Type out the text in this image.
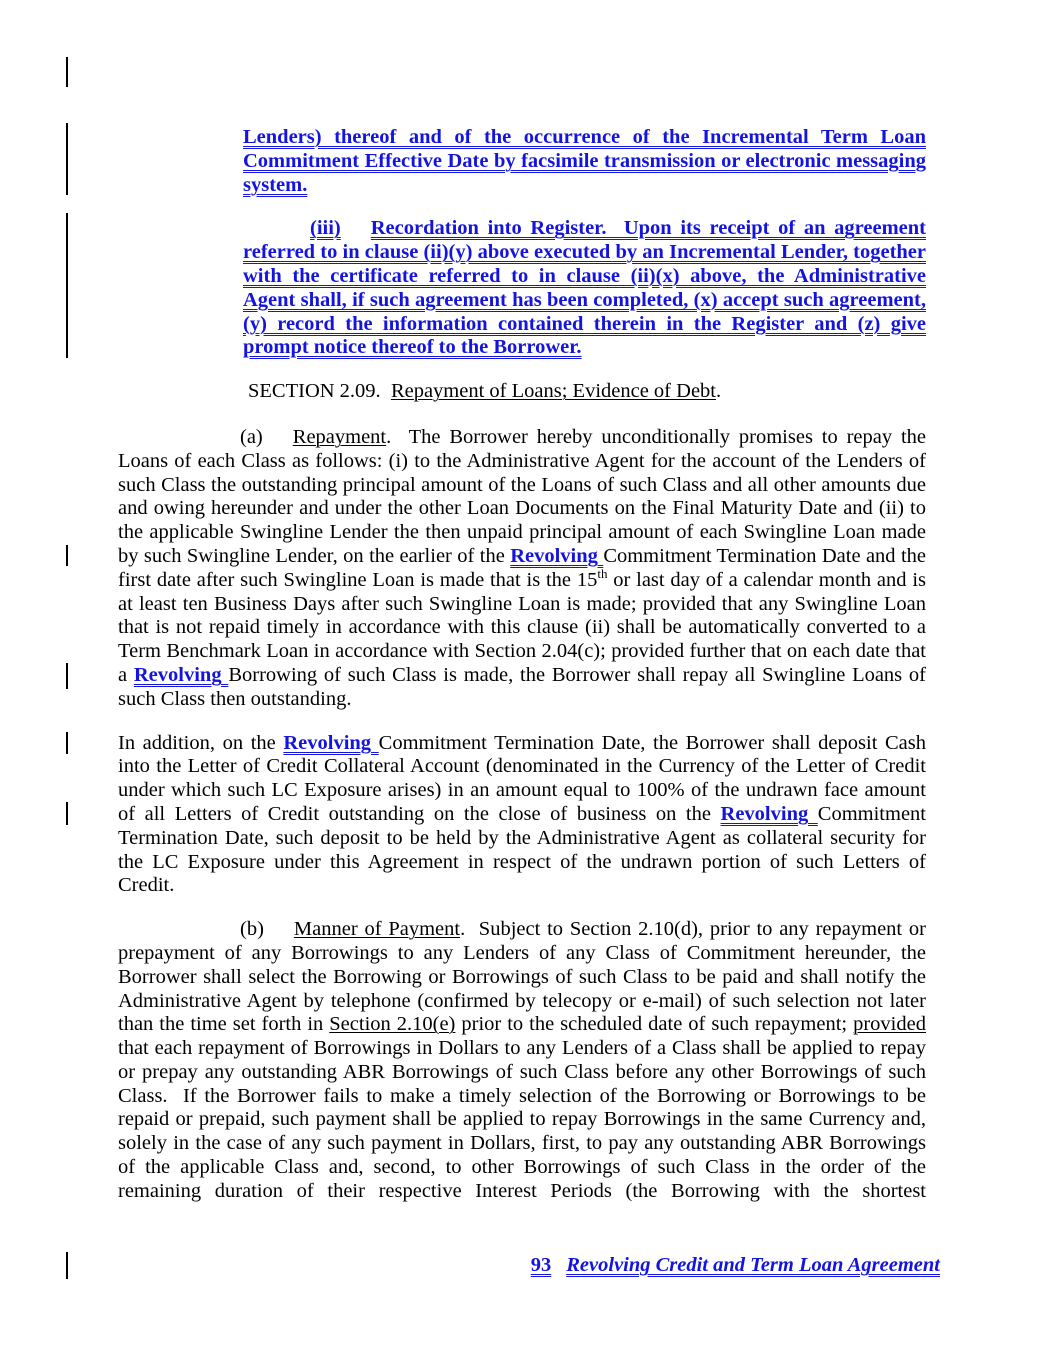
Lenders) thereof and of the occurrence of the Incremental Term Loan Commitment Effective Date by facsimile transmission or electronic messaging system.

(iii) Recordation into Register.  Upon its receipt of an agreement referred to in clause (ii)(y) above executed by an Incremental Lender, together with the certificate referred to in clause (ii)(x) above, the Administrative Agent shall, if such agreement has been completed, (x) accept such agreement, (y) record the information contained therein in the Register and (z) give prompt notice thereof to the Borrower.

SECTION 2.09.  Repayment of Loans; Evidence of Debt.

(a) Repayment.  The Borrower hereby unconditionally promises to repay the Loans of each Class as follows: (i) to the Administrative Agent for the account of the Lenders of such Class the outstanding principal amount of the Loans of such Class and all other amounts due and owing hereunder and under the other Loan Documents on the Final Maturity Date and (ii) to the applicable Swingline Lender the then unpaid principal amount of each Swingline Loan made by such Swingline Lender, on the earlier of the Revolving Commitment Termination Date and the first date after such Swingline Loan is made that is the 15th or last day of a calendar month and is at least ten Business Days after such Swingline Loan is made; provided that any Swingline Loan that is not repaid timely in accordance with this clause (ii) shall be automatically converted to a Term Benchmark Loan in accordance with Section 2.04(c); provided further that on each date that a Revolving Borrowing of such Class is made, the Borrower shall repay all Swingline Loans of such Class then outstanding.

In addition, on the Revolving Commitment Termination Date, the Borrower shall deposit Cash into the Letter of Credit Collateral Account (denominated in the Currency of the Letter of Credit under which such LC Exposure arises) in an amount equal to 100% of the undrawn face amount of all Letters of Credit outstanding on the close of business on the Revolving Commitment Termination Date, such deposit to be held by the Administrative Agent as collateral security for the LC Exposure under this Agreement in respect of the undrawn portion of such Letters of Credit.

(b) Manner of Payment.  Subject to Section 2.10(d), prior to any repayment or prepayment of any Borrowings to any Lenders of any Class of Commitment hereunder, the Borrower shall select the Borrowing or Borrowings of such Class to be paid and shall notify the Administrative Agent by telephone (confirmed by telecopy or e-mail) of such selection not later than the time set forth in Section 2.10(e) prior to the scheduled date of such repayment; provided that each repayment of Borrowings in Dollars to any Lenders of a Class shall be applied to repay or prepay any outstanding ABR Borrowings of such Class before any other Borrowings of such Class.  If the Borrower fails to make a timely selection of the Borrowing or Borrowings to be repaid or prepaid, such payment shall be applied to repay Borrowings in the same Currency and, solely in the case of any such payment in Dollars, first, to pay any outstanding ABR Borrowings of the applicable Class and, second, to other Borrowings of such Class in the order of the remaining duration of their respective Interest Periods (the Borrowing with the shortest

93 Revolving Credit and Term Loan Agreement
